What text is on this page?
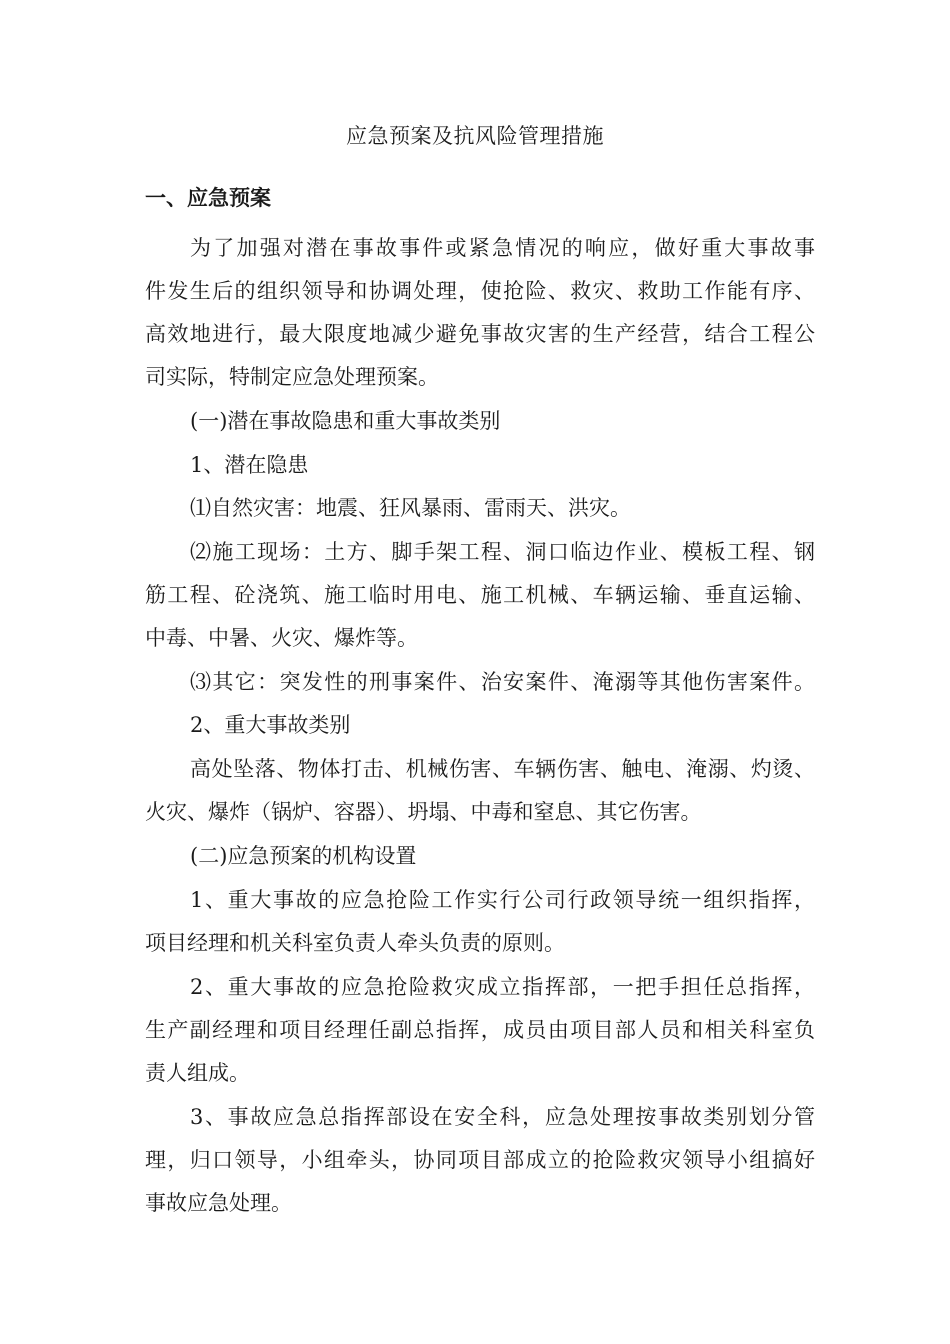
应急预案及抗风险管理措施
一、应急预案
为了加强对潜在事故事件或紧急情况的响应，做好重大事故事
件发生后的组织领导和协调处理，使抢险、救灾、救助工作能有序、
高效地进行，最大限度地减少避免事故灾害的生产经营，结合工程公
司实际，特制定应急处理预案。
(一)潜在事故隐患和重大事故类别
1、潜在隐患
⑴自然灾害：地震、狂风暴雨、雷雨天、洪灾。
⑵施工现场：土方、脚手架工程、洞口临边作业、模板工程、钢
筋工程、砼浇筑、施工临时用电、施工机械、车辆运输、垂直运输、
中毒、中暑、火灾、爆炸等。
⑶其它：突发性的刑事案件、治安案件、淹溺等其他伤害案件。
2、重大事故类别
高处坠落、物体打击、机械伤害、车辆伤害、触电、淹溺、灼烫、
火灾、爆炸（锅炉、容器）、坍塌、中毒和窒息、其它伤害。
(二)应急预案的机构设置
1、重大事故的应急抢险工作实行公司行政领导统一组织指挥，
项目经理和机关科室负责人牵头负责的原则。
2、重大事故的应急抢险救灾成立指挥部，一把手担任总指挥，
生产副经理和项目经理任副总指挥，成员由项目部人员和相关科室负
责人组成。
3、事故应急总指挥部设在安全科，应急处理按事故类别划分管
理，归口领导，小组牵头，协同项目部成立的抢险救灾领导小组搞好
事故应急处理。
